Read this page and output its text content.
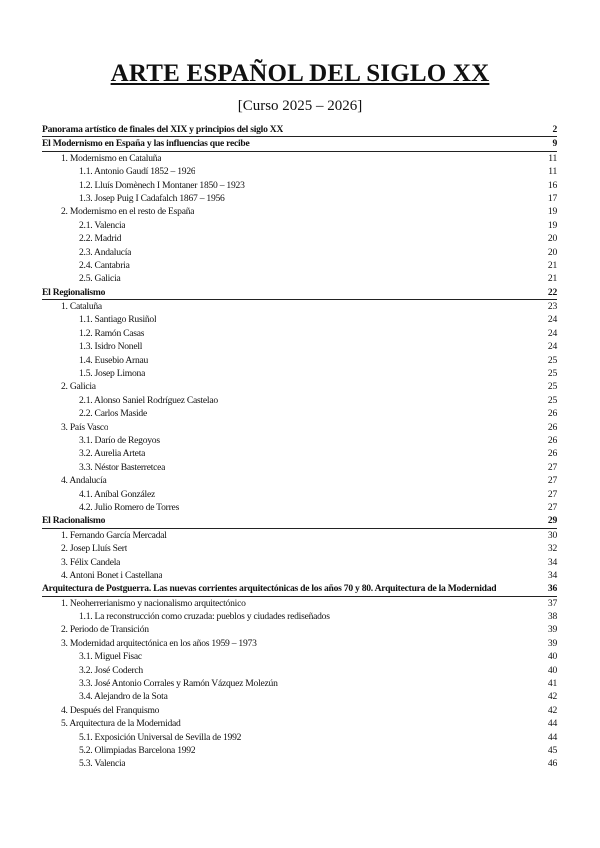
ARTE ESPAÑOL DEL SIGLO XX
[Curso 2025 – 2026]
Panorama artístico de finales del XIX y principios del siglo XX	2
El Modernismo en España y las influencias que recibe	9
1. Modernismo en Cataluña	11
1.1. Antonio Gaudí 1852 – 1926	11
1.2. Lluís Domènech I Montaner 1850 – 1923	16
1.3. Josep Puig I Cadafalch 1867 – 1956	17
2. Modernismo en el resto de España	19
2.1. Valencia	19
2.2. Madrid	20
2.3. Andalucía	20
2.4. Cantabria	21
2.5. Galicia	21
El Regionalismo	22
1. Cataluña	23
1.1. Santiago Rusiñol	24
1.2. Ramón Casas	24
1.3. Isidro Nonell	24
1.4. Eusebio Arnau	25
1.5. Josep Limona	25
2. Galicia	25
2.1. Alonso Saniel Rodríguez Castelao	25
2.2. Carlos Maside	26
3. País Vasco	26
3.1. Darío de Regoyos	26
3.2. Aurelia Arteta	26
3.3. Néstor Basterretcea	27
4. Andalucía	27
4.1. Aníbal González	27
4.2. Julio Romero de Torres	27
El Racionalismo	29
1. Fernando García Mercadal	30
2. Josep Lluís Sert	32
3. Félix Candela	34
4. Antoni Bonet i Castellana	34
Arquitectura de Postguerra. Las nuevas corrientes arquitectónicas de los años 70 y 80. Arquitectura de la Modernidad	36
1. Neoherrerianismo y nacionalismo arquitectónico	37
1.1. La reconstrucción como cruzada: pueblos y ciudades rediseñados	38
2. Periodo de Transición	39
3. Modernidad arquitectónica en los años 1959 – 1973	39
3.1. Miguel Fisac	40
3.2. José Coderch	40
3.3. José Antonio Corrales y Ramón Vázquez Molezún	41
3.4. Alejandro de la Sota	42
4. Después del Franquismo	42
5. Arquitectura de la Modernidad	44
5.1. Exposición Universal de Sevilla de 1992	44
5.2. Olimpiadas Barcelona 1992	45
5.3. Valencia	46
